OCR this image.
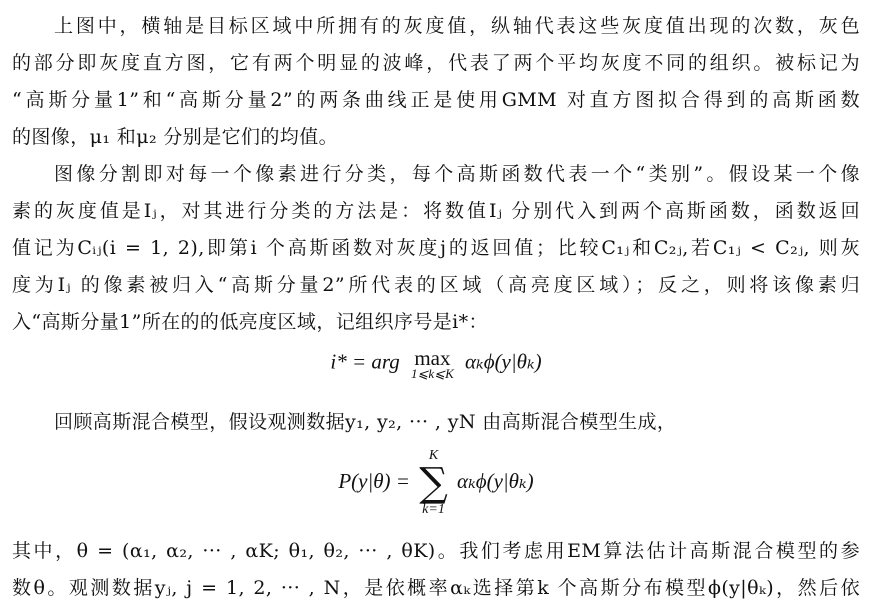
上图中，横轴是目标区域中所拥有的灰度值，纵轴代表这些灰度值出现的次数，灰色
的部分即灰度直方图，它有两个明显的波峰，代表了两个平均灰度不同的组织。被标记为
“高斯分量1”和“高斯分量2”的两条曲线正是使用GMM 对直方图拟合得到的高斯函数
的图像，μ₁ 和μ₂ 分别是它们的均值。
图像分割即对每一个像素进行分类，每个高斯函数代表一个“类别”。假设某一个像
素的灰度值是Iⱼ，对其进行分类的方法是：将数值Iⱼ 分别代入到两个高斯函数，函数返回
值记为Cᵢⱼ(i = 1, 2),即第i 个高斯函数对灰度j的返回值；比较C₁ⱼ和C₂ⱼ,若C₁ⱼ < C₂ⱼ, 则灰
度为Iⱼ 的像素被归入“高斯分量2”所代表的区域（高亮度区域）；反之，则将该像素归
入“高斯分量1”所在的的低亮度区域，记组织序号是i*：
i* = arg max
1⩽k⩽K
αₖϕ(y|θₖ)
回顾高斯混合模型，假设观测数据y₁, y₂, ··· , yN 由高斯混合模型生成，
P(y|θ) =
K
∑
k=1
αₖϕ(y|θₖ)
其中，θ = (α₁, α₂, ··· , αK; θ₁, θ₂, ··· , θK)。我们考虑用EM算法估计高斯混合模型的参
数θ。观测数据yⱼ, j = 1, 2, ··· , N，是依概率αₖ选择第k 个高斯分布模型ϕ(y|θₖ)，然后依
